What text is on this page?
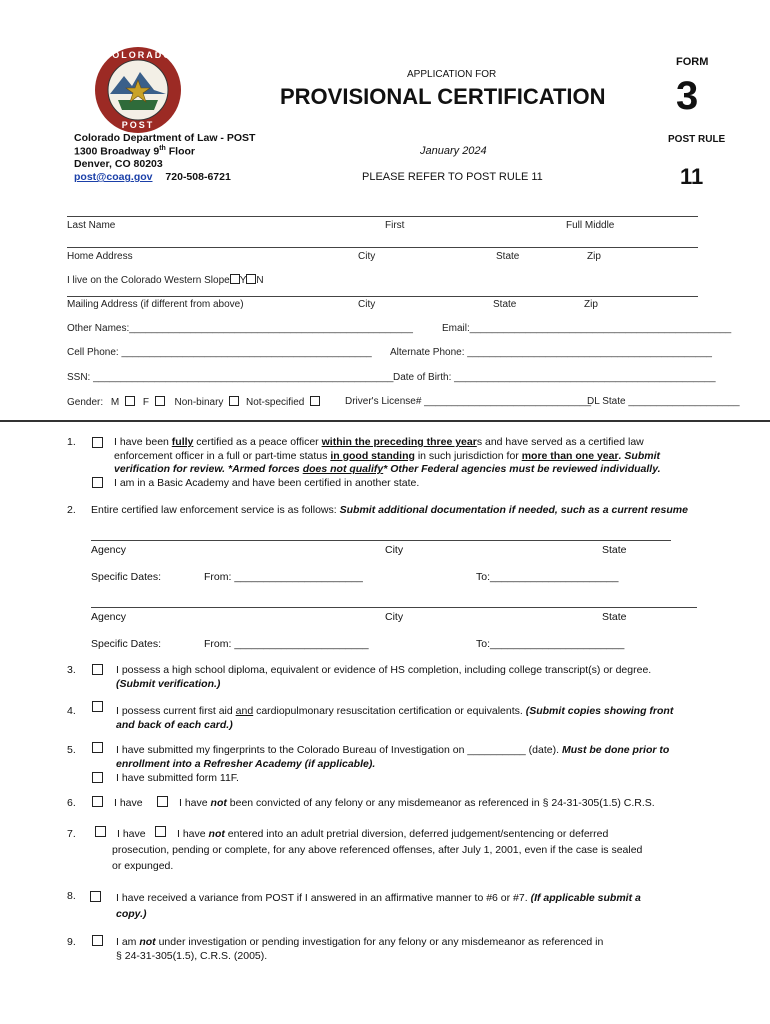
COLORADO
POST
APPLICATION FOR
PROVISIONAL CERTIFICATION
January 2024
PLEASE REFER TO POST RULE 11
FORM
3
POST RULE
11
Colorado Department of Law - POST
1300 Broadway 9th Floor
Denver, CO 80203
post@coag.gov 720-508-6721
Last Name	First	Full Middle
Home Address	City	State	Zip
I live on the Colorado Western Slope Y N
Mailing Address (if different from above)	City	State	Zip
Other Names:___________________________________________________	Email:_______________________________________________
Cell Phone: _____________________________________________ Alternate Phone: ____________________________________________
SSN: ______________________________________________________ Date of Birth: _______________________________________________
Gender: M F	Non-binary Not-specified	Driver's License# ______________________________
DL State ____________________
1.	I have been fully certified as a peace officer within the preceding three years and have served as a certified law
enforcement officer in a full or part-time status in good standing in such jurisdiction for more than one year. Submit
verification for review. *Armed forces does not qualify* Other Federal agencies must be reviewed individually.
I am in a Basic Academy and have been certified in another state.
2. Entire certified law enforcement service is as follows: Submit additional documentation if needed, such as a current resume
Agency	City	State
Specific Dates:	From: ______________________	To:______________________
Agency	City	State
Specific Dates:	From: _______________________	To:_______________________
3.	I possess a high school diploma, equivalent or evidence of HS completion, including college transcript(s) or degree.
(Submit verification.)
4.	I possess current first aid and cardiopulmonary resuscitation certification or equivalents. (Submit copies showing front
and back of each card.)
5.	I have submitted my fingerprints to the Colorado Bureau of Investigation on __________ (date). Must be done prior to
enrollment into a Refresher Academy (if applicable).
I have submitted form 11F.
6.	I have	I have not been convicted of any felony or any misdemeanor as referenced in § 24-31-305(1.5) C.R.S.
7.	I have	I have not entered into an adult pretrial diversion, deferred judgement/sentencing or deferred
prosecution, pending or complete, for any above referenced offenses, after July 1, 2001, even if the case is sealed
or expunged.
8.	I have received a variance from POST if I answered in an affirmative manner to #6 or #7. (If applicable submit a
copy.)
9.	I am not under investigation or pending investigation for any felony or any misdemeanor as referenced in
§ 24-31-305(1.5), C.R.S. (2005).
